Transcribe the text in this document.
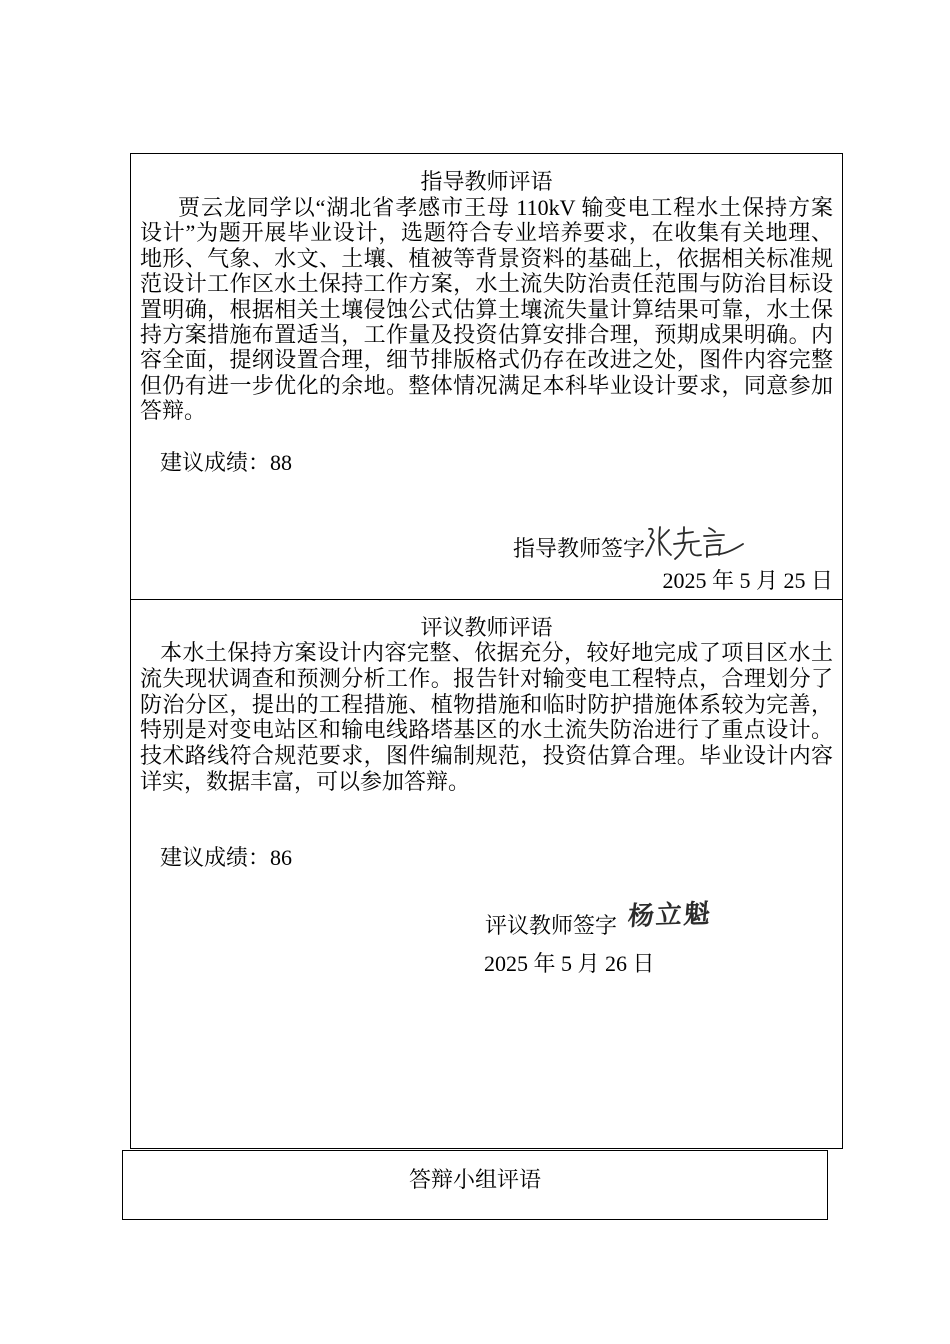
指导教师评语
贾云龙同学以“湖北省孝感市王母 110kV 输变电工程水土保持方案
设计”为题开展毕业设计，选题符合专业培养要求，在收集有关地理、
地形、气象、水文、土壤、植被等背景资料的基础上，依据相关标准规
范设计工作区水土保持工作方案，水土流失防治责任范围与防治目标设
置明确，根据相关土壤侵蚀公式估算土壤流失量计算结果可靠，水土保
持方案措施布置适当，工作量及投资估算安排合理，预期成果明确。内
容全面，提纲设置合理，细节排版格式仍存在改进之处，图件内容完整
但仍有进一步优化的余地。整体情况满足本科毕业设计要求，同意参加
答辩。
建议成绩：88
指导教师签字
2025 年 5 月 25 日
评议教师评语
本水土保持方案设计内容完整、依据充分，较好地完成了项目区水土
流失现状调查和预测分析工作。报告针对输变电工程特点，合理划分了
防治分区，提出的工程措施、植物措施和临时防护措施体系较为完善，
特别是对变电站区和输电线路塔基区的水土流失防治进行了重点设计。
技术路线符合规范要求，图件编制规范，投资估算合理。毕业设计内容
详实，数据丰富，可以参加答辩。
建议成绩：86
评议教师签字 杨立魁
2025 年 5 月 26 日
答辩小组评语
